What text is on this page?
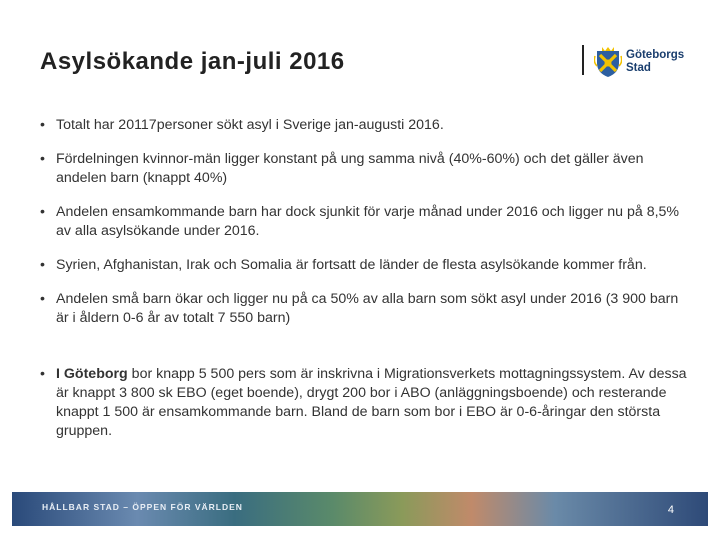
Asylsökande jan-juli 2016	Göteborgs
Stad
• Totalt har 20117personer sökt asyl i Sverige jan-augusti 2016.
• Fördelningen kvinnor-män ligger konstant på ung samma nivå (40%-60%) och det gäller även andelen barn (knappt 40%)
• Andelen ensamkommande barn har dock sjunkit för varje månad under 2016 och ligger nu på 8,5% av alla asylsökande under 2016.
• Syrien, Afghanistan, Irak och Somalia är fortsatt de länder de flesta asylsökande kommer från.
• Andelen små barn ökar och ligger nu på ca 50% av alla barn som sökt asyl under 2016 (3 900 barn är i åldern 0-6 år av totalt 7 550 barn)
• I Göteborg bor knapp 5 500 pers som är inskrivna i Migrationsverkets mottagningssystem. Av dessa är knappt 3 800 sk EBO (eget boende), drygt 200 bor i ABO (anläggningsboende) och resterande knappt 1 500 är ensamkommande barn. Bland de barn som bor i EBO är 0-6-åringar den största gruppen.
HÅLLBAR STAD – ÖPPEN FÖR VÄRLDEN	4
